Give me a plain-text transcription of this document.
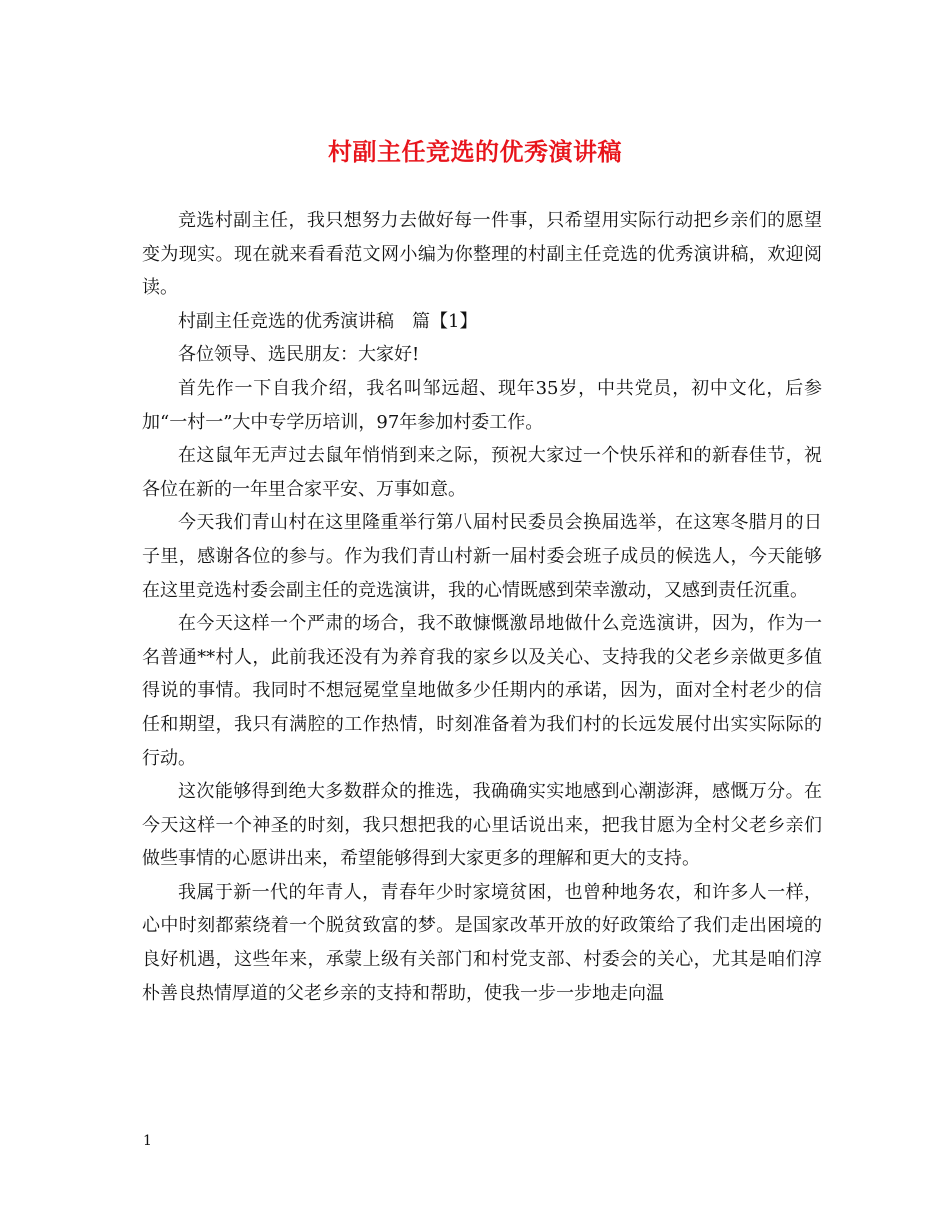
村副主任竞选的优秀演讲稿

竞选村副主任，我只想努力去做好每一件事，只希望用实际行动把乡亲们的愿望变为现实。现在就来看看范文网小编为你整理的村副主任竞选的优秀演讲稿，欢迎阅读。

村副主任竞选的优秀演讲稿　篇【1】

各位领导、选民朋友：大家好!

首先作一下自我介绍，我名叫邹远超、现年35岁，中共党员，初中文化，后参加“一村一”大中专学历培训，97年参加村委工作。

在这鼠年无声过去鼠年悄悄到来之际，预祝大家过一个快乐祥和的新春佳节，祝各位在新的一年里合家平安、万事如意。

今天我们青山村在这里隆重举行第八届村民委员会换届选举，在这寒冬腊月的日子里，感谢各位的参与。作为我们青山村新一届村委会班子成员的候选人，今天能够在这里竞选村委会副主任的竞选演讲，我的心情既感到荣幸激动，又感到责任沉重。

在今天这样一个严肃的场合，我不敢慷慨激昂地做什么竞选演讲，因为，作为一名普通**村人，此前我还没有为养育我的家乡以及关心、支持我的父老乡亲做更多值得说的事情。我同时不想冠冕堂皇地做多少任期内的承诺，因为，面对全村老少的信任和期望，我只有满腔的工作热情，时刻准备着为我们村的长远发展付出实实际际的行动。

这次能够得到绝大多数群众的推选，我确确实实地感到心潮澎湃，感慨万分。在今天这样一个神圣的时刻，我只想把我的心里话说出来，把我甘愿为全村父老乡亲们做些事情的心愿讲出来，希望能够得到大家更多的理解和更大的支持。

我属于新一代的年青人，青春年少时家境贫困，也曾种地务农，和许多人一样，心中时刻都萦绕着一个脱贫致富的梦。是国家改革开放的好政策给了我们走出困境的良好机遇，这些年来，承蒙上级有关部门和村党支部、村委会的关心，尤其是咱们淳朴善良热情厚道的父老乡亲的支持和帮助，使我一步一步地走向温

1
